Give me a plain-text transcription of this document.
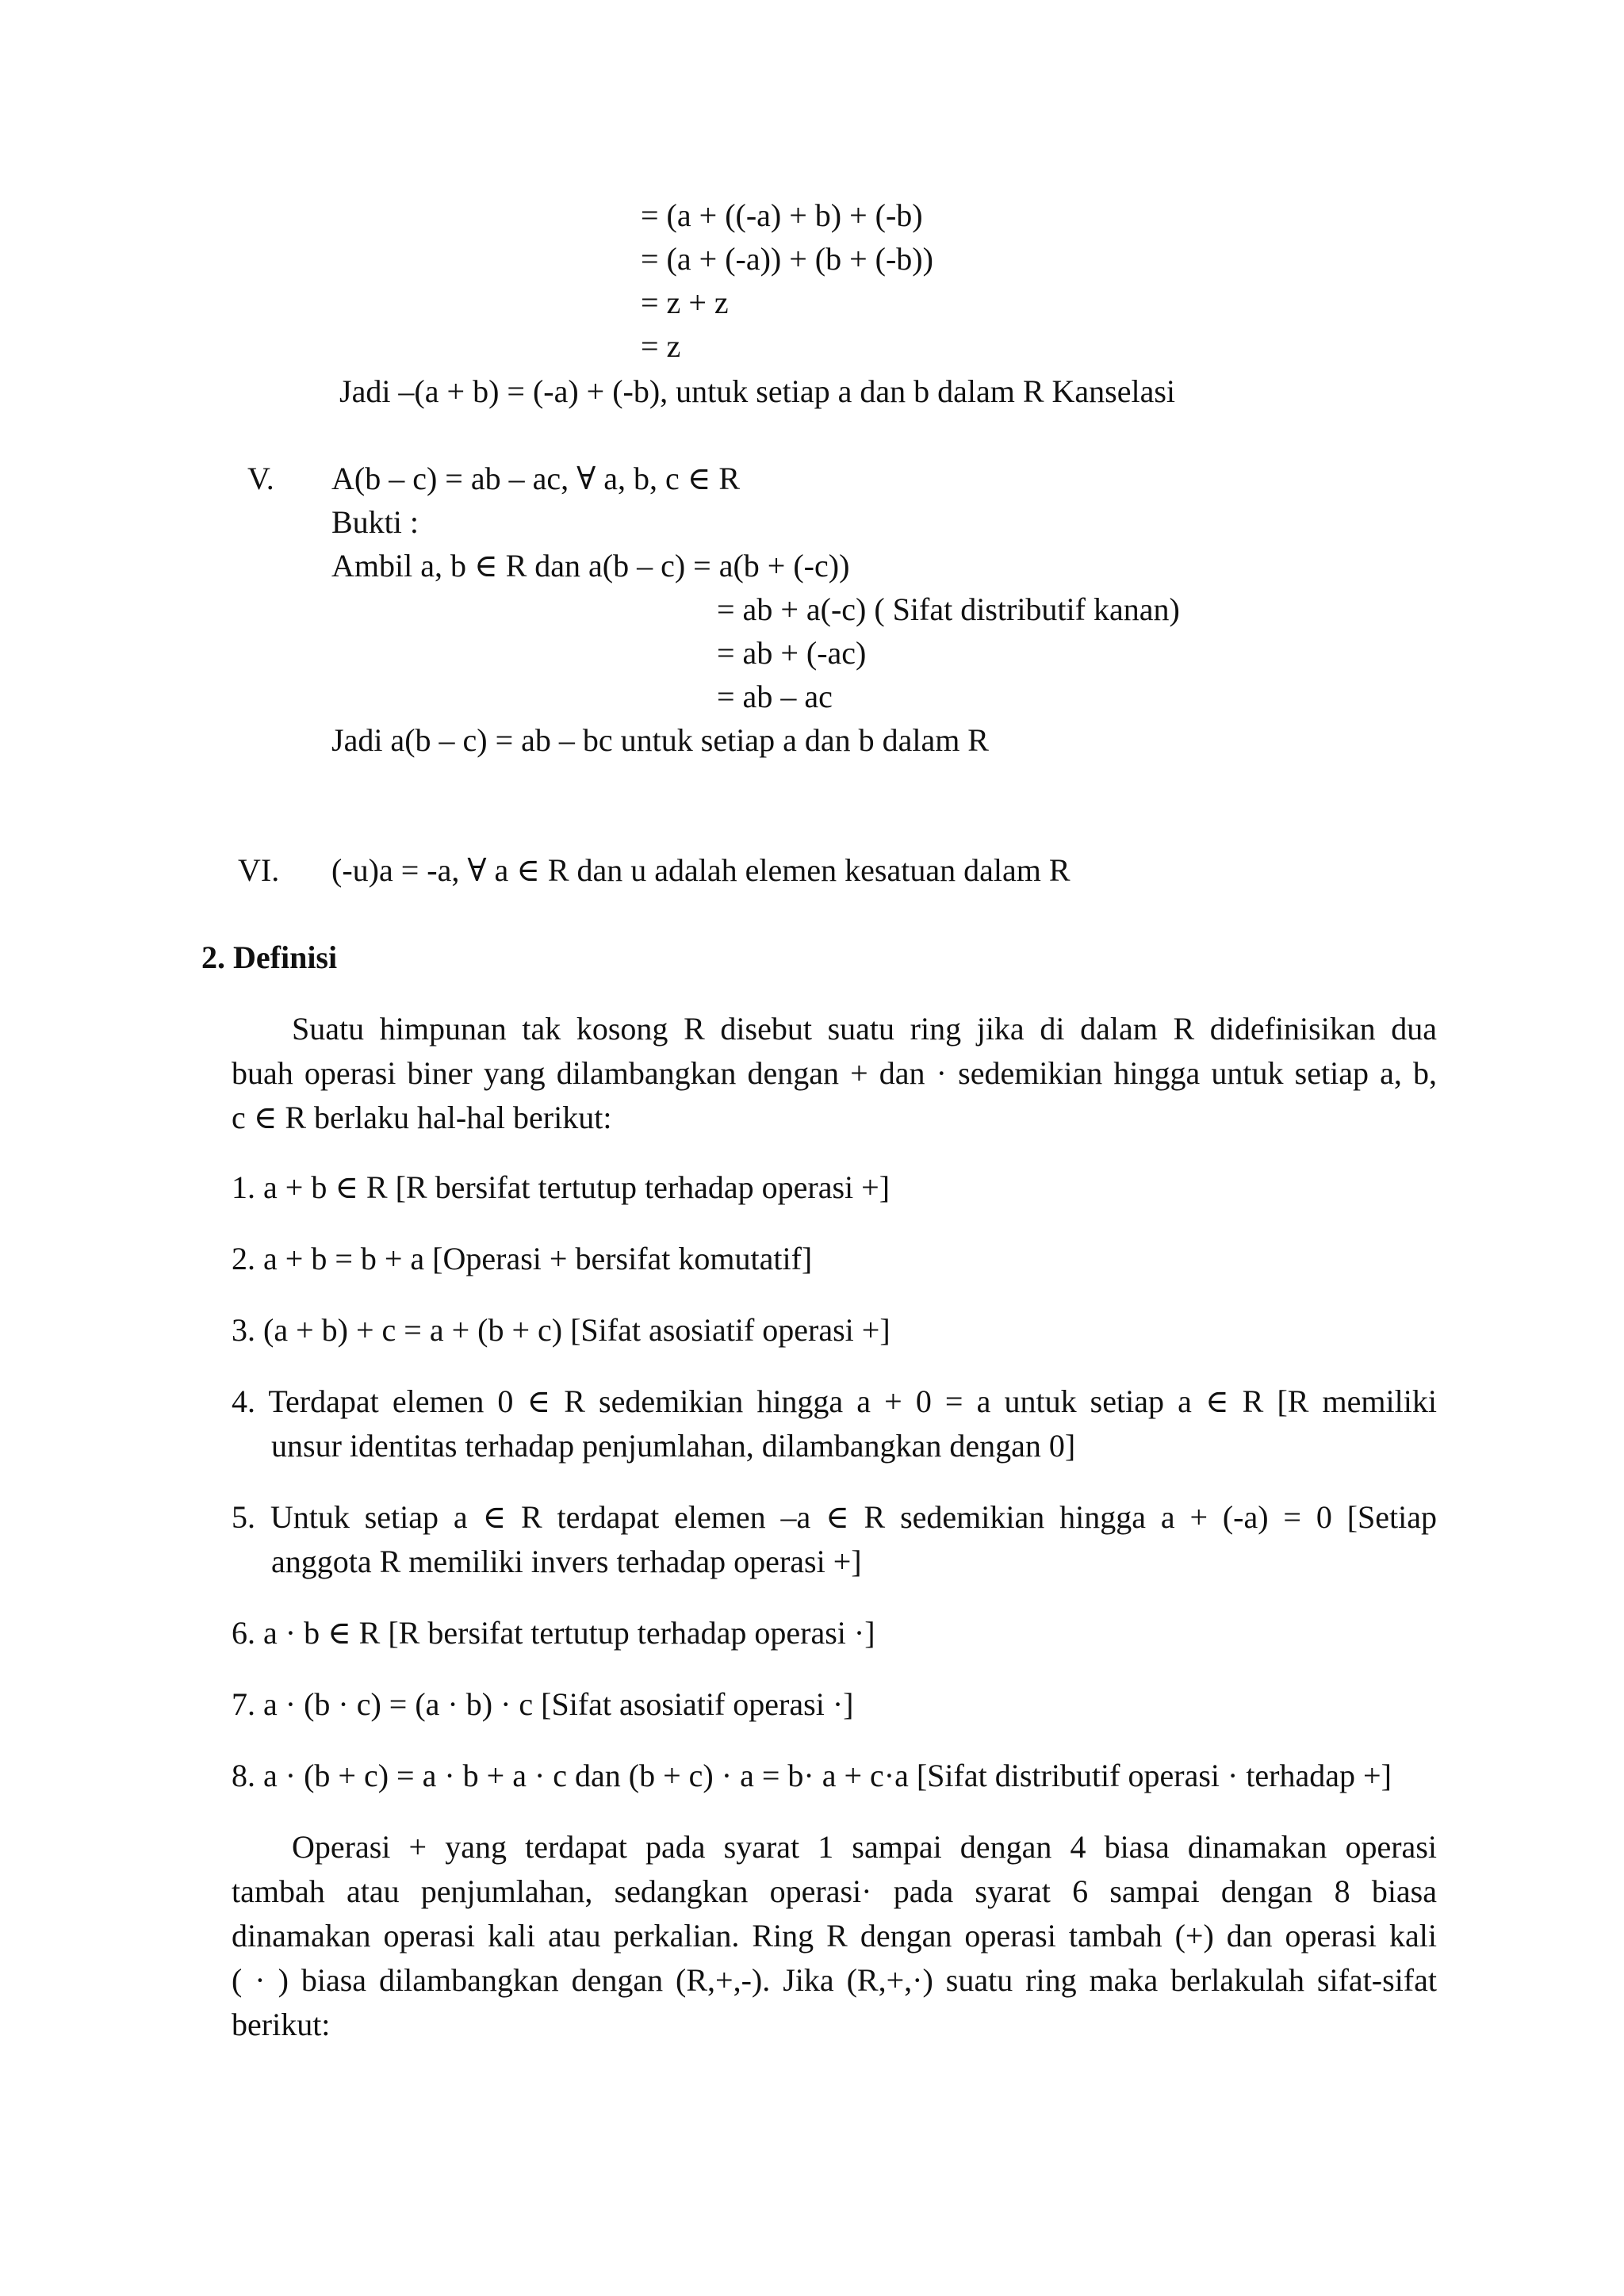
= (a + ((-a) + b) + (-b)
= (a + (-a)) + (b + (-b))
= z + z
= z
Jadi –(a + b) = (-a) + (-b), untuk setiap a dan b dalam R Kanselasi
V. A(b – c) = ab – ac, ∀ a, b, c ∈ R
Bukti :
Ambil a, b ∈ R dan a(b – c) = a(b + (-c))
= ab + a(-c) ( Sifat distributif kanan)
= ab + (-ac)
= ab – ac
Jadi a(b – c) = ab – bc untuk setiap a dan b dalam R
VI. (-u)a = -a, ∀ a ∈ R dan u adalah elemen kesatuan dalam R
2. Definisi
Suatu himpunan tak kosong R disebut suatu ring jika di dalam R didefinisikan dua
buah operasi biner yang dilambangkan dengan + dan · sedemikian hingga untuk setiap a, b,
c ∈ R berlaku hal-hal berikut:
1. a + b ∈ R [R bersifat tertutup terhadap operasi +]
2. a + b = b + a [Operasi + bersifat komutatif]
3. (a + b) + c = a + (b + c) [Sifat asosiatif operasi +]
4. Terdapat elemen 0 ∈ R sedemikian hingga a + 0 = a untuk setiap a ∈ R [R memiliki
unsur identitas terhadap penjumlahan, dilambangkan dengan 0]
5. Untuk setiap a ∈ R terdapat elemen –a ∈ R sedemikian hingga a + (-a) = 0 [Setiap
anggota R memiliki invers terhadap operasi +]
6. a · b ∈ R [R bersifat tertutup terhadap operasi ·]
7. a · (b · c) = (a · b) · c [Sifat asosiatif operasi ·]
8. a · (b + c) = a · b + a · c dan (b + c) · a = b· a + c·a [Sifat distributif operasi · terhadap +]
Operasi + yang terdapat pada syarat 1 sampai dengan 4 biasa dinamakan operasi
tambah atau penjumlahan, sedangkan operasi· pada syarat 6 sampai dengan 8 biasa
dinamakan operasi kali atau perkalian. Ring R dengan operasi tambah (+) dan operasi kali
( · ) biasa dilambangkan dengan (R,+,-). Jika (R,+,·) suatu ring maka berlakulah sifat-sifat
berikut:
